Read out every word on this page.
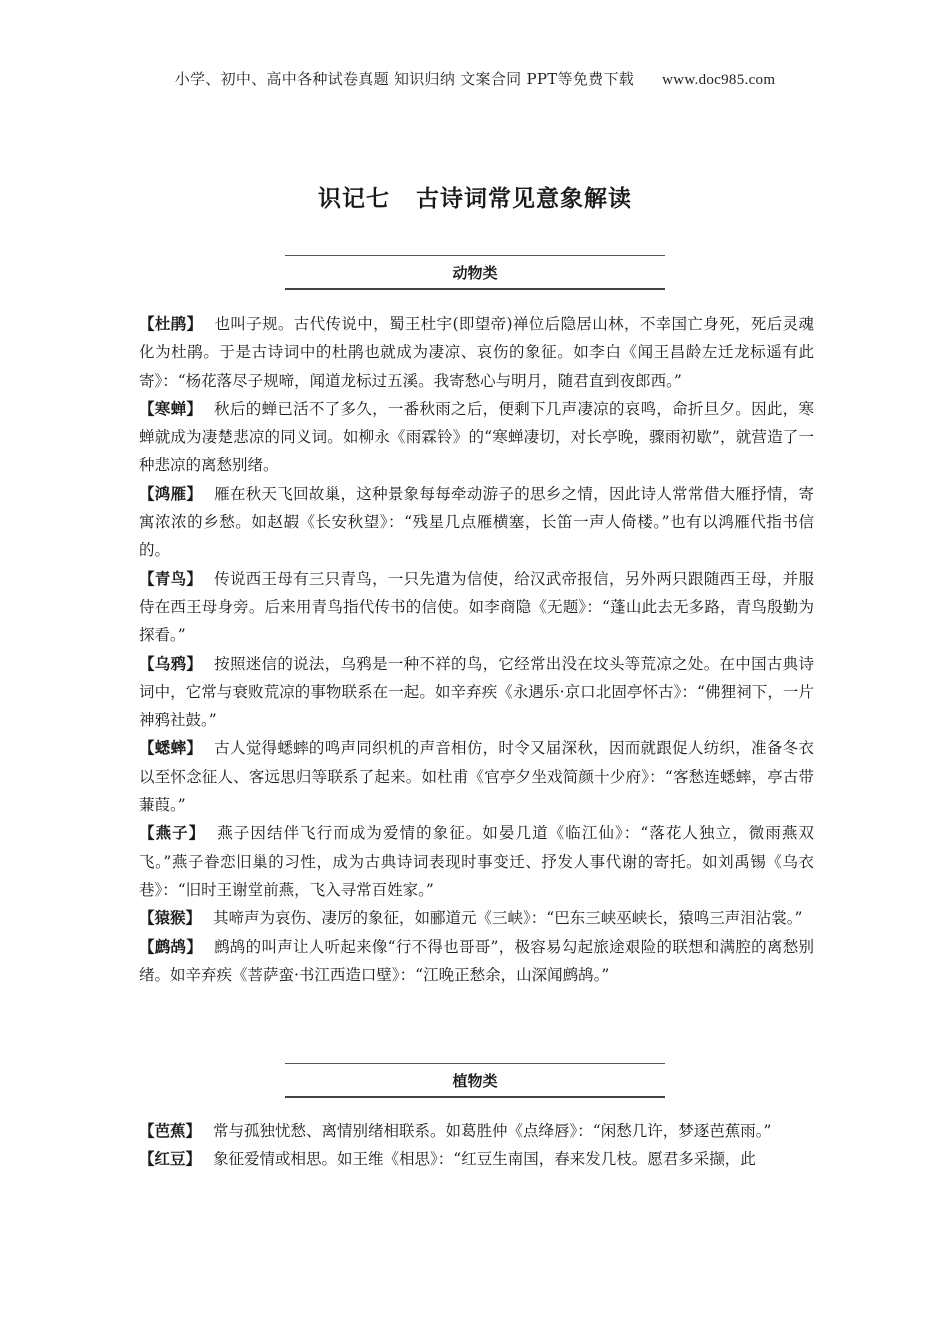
小学、初中、高中各种试卷真题 知识归纳 文案合同 PPT等免费下载 www.doc985.com
识记七 古诗词常见意象解读
动物类

【杜鹃】 也叫子规。古代传说中，蜀王杜宇(即望帝)禅位后隐居山林，不幸国亡身死，死后灵魂化为杜鹃。于是古诗词中的杜鹃也就成为凄凉、哀伤的象征。如李白《闻王昌龄左迁龙标遥有此寄》：“杨花落尽子规啼，闻道龙标过五溪。我寄愁心与明月，随君直到夜郎西。”

【寒蝉】 秋后的蝉已活不了多久，一番秋雨之后，便剩下几声凄凉的哀鸣，命折旦夕。因此，寒蝉就成为凄楚悲凉的同义词。如柳永《雨霖铃》的“寒蝉凄切，对长亭晚，骤雨初歇”，就营造了一种悲凉的离愁别绪。

【鸿雁】 雁在秋天飞回故巢，这种景象每每牵动游子的思乡之情，因此诗人常常借大雁抒情，寄寓浓浓的乡愁。如赵嘏《长安秋望》：“残星几点雁横塞，长笛一声人倚楼。”也有以鸿雁代指书信的。

【青鸟】 传说西王母有三只青鸟，一只先遣为信使，给汉武帝报信，另外两只跟随西王母，并服侍在西王母身旁。后来用青鸟指代传书的信使。如李商隐《无题》：“蓬山此去无多路，青鸟殷勤为探看。”

【乌鸦】 按照迷信的说法，乌鸦是一种不祥的鸟，它经常出没在坟头等荒凉之处。在中国古典诗词中，它常与衰败荒凉的事物联系在一起。如辛弃疾《永遇乐·京口北固亭怀古》：“佛狸祠下，一片神鸦社鼓。”

【蟋蟀】 古人觉得蟋蟀的鸣声同织机的声音相仿，时令又届深秋，因而就跟促人纺织，准备冬衣以至怀念征人、客远思归等联系了起来。如杜甫《官亭夕坐戏简颜十少府》：“客愁连蟋蟀，亭古带蒹葭。”

【燕子】 燕子因结伴飞行而成为爱情的象征。如晏几道《临江仙》：“落花人独立，微雨燕双飞。”燕子眷恋旧巢的习性，成为古典诗词表现时事变迁、抒发人事代谢的寄托。如刘禹锡《乌衣巷》：“旧时王谢堂前燕，飞入寻常百姓家。”

【猿猴】 其啼声为哀伤、凄厉的象征，如郦道元《三峡》：“巴东三峡巫峡长，猿鸣三声泪沾裳。”

【鹧鸪】 鹧鸪的叫声让人听起来像“行不得也哥哥”，极容易勾起旅途艰险的联想和满腔的离愁别绪。如辛弃疾《菩萨蛮·书江西造口壁》：“江晚正愁余，山深闻鹧鸪。”

植物类

【芭蕉】 常与孤独忧愁、离情别绪相联系。如葛胜仲《点绛唇》：“闲愁几许，梦逐芭蕉雨。”

【红豆】 象征爱情或相思。如王维《相思》：“红豆生南国，春来发几枝。愿君多采撷，此
